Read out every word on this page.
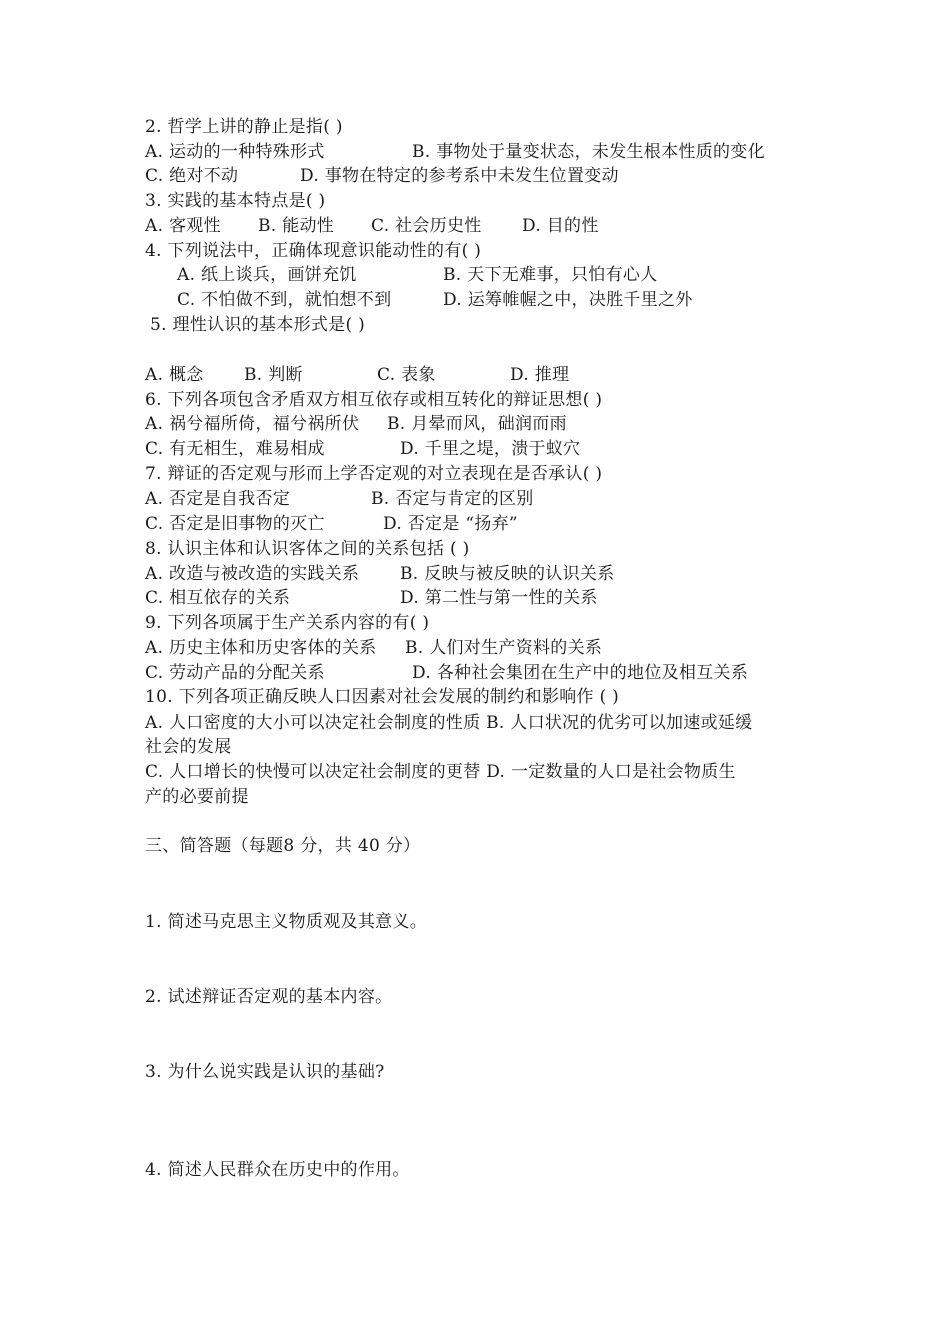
2. 哲学上讲的静止是指( )
A. 运动的一种特殊形式	B. 事物处于量变状态，未发生根本性质的变化
C. 绝对不动	D. 事物在特定的参考系中未发生位置变动
3. 实践的基本特点是( )
A. 客观性 B. 能动性 C. 社会历史性 D. 目的性
4. 下列说法中，正确体现意识能动性的有( )
A. 纸上谈兵，画饼充饥	B. 天下无难事，只怕有心人
C. 不怕做不到，就怕想不到	D. 运筹帷幄之中，决胜千里之外
5. 理性认识的基本形式是( )
A. 概念 B. 判断	C. 表象	D. 推理
6. 下列各项包含矛盾双方相互依存或相互转化的辩证思想( )
A. 祸兮福所倚，福兮祸所伏 B. 月晕而风，础润而雨
C. 有无相生，难易相成	D. 千里之堤，溃于蚁穴
7. 辩证的否定观与形而上学否定观的对立表现在是否承认( )
A. 否定是自我否定	B. 否定与肯定的区别
C. 否定是旧事物的灭亡	D. 否定是 “扬弃”
8. 认识主体和认识客体之间的关系包括 ( )
A. 改造与被改造的实践关系 B. 反映与被反映的认识关系
C. 相互依存的关系	D. 第二性与第一性的关系
9. 下列各项属于生产关系内容的有( )
A. 历史主体和历史客体的关系 B. 人们对生产资料的关系
C. 劳动产品的分配关系	D. 各种社会集团在生产中的地位及相互关系
10. 下列各项正确反映人口因素对社会发展的制约和影响作 ( )
A. 人口密度的大小可以决定社会制度的性质 B. 人口状况的优劣可以加速或延缓
社会的发展
C. 人口增长的快慢可以决定社会制度的更替 D. 一定数量的人口是社会物质生
产的必要前提
三、简答题（每题8 分，共 40 分）
1. 简述马克思主义物质观及其意义。
2. 试述辩证否定观的基本内容。
3. 为什么说实践是认识的基础?
4. 简述人民群众在历史中的作用。
